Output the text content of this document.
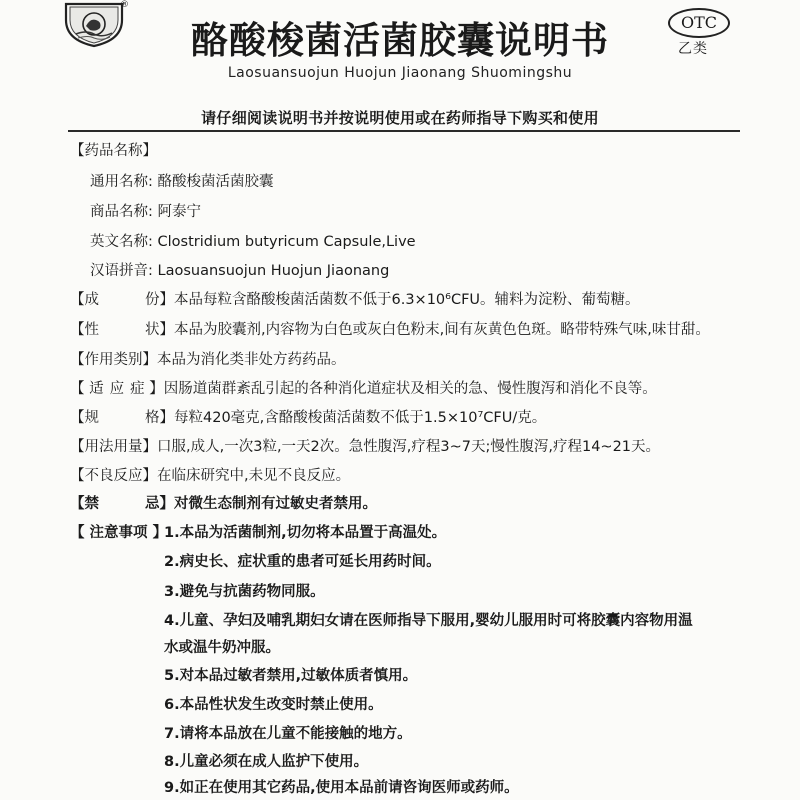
®
酪酸梭菌活菌胶囊说明书
Laosuansuojun Huojun Jiaonang Shuomingshu
OTC
乙类
请仔细阅读说明书并按说明使用或在药师指导下购买和使用
【药品名称】
通用名称: 酪酸梭菌活菌胶囊
商品名称: 阿泰宁
英文名称: Clostridium butyricum Capsule,Live
汉语拼音: Laosuansuojun Huojun Jiaonang
【成	份】本品每粒含酪酸梭菌活菌数不低于6.3×10⁶CFU。辅料为淀粉、葡萄糖。
【性	状】本品为胶囊剂,内容物为白色或灰白色粉末,间有灰黄色色斑。略带特殊气味,味甘甜。
【作用类别】本品为消化类非处方药药品。
【 适 应 症 】因肠道菌群紊乱引起的各种消化道症状及相关的急、慢性腹泻和消化不良等。
【规	格】每粒420毫克,含酪酸梭菌活菌数不低于1.5×10⁷CFU/克。
【用法用量】口服,成人,一次3粒,一天2次。急性腹泻,疗程3~7天;慢性腹泻,疗程14~21天。
【不良反应】在临床研究中,未见不良反应。
【禁	忌】对微生态制剂有过敏史者禁用。
【 注意事项 】
1.本品为活菌制剂,切勿将本品置于高温处。
2.病史长、症状重的患者可延长用药时间。
3.避免与抗菌药物同服。
4.儿童、孕妇及哺乳期妇女请在医师指导下服用,婴幼儿服用时可将胶囊内容物用温
水或温牛奶冲服。
5.对本品过敏者禁用,过敏体质者慎用。
6.本品性状发生改变时禁止使用。
7.请将本品放在儿童不能接触的地方。
8.儿童必须在成人监护下使用。
9.如正在使用其它药品,使用本品前请咨询医师或药师。
